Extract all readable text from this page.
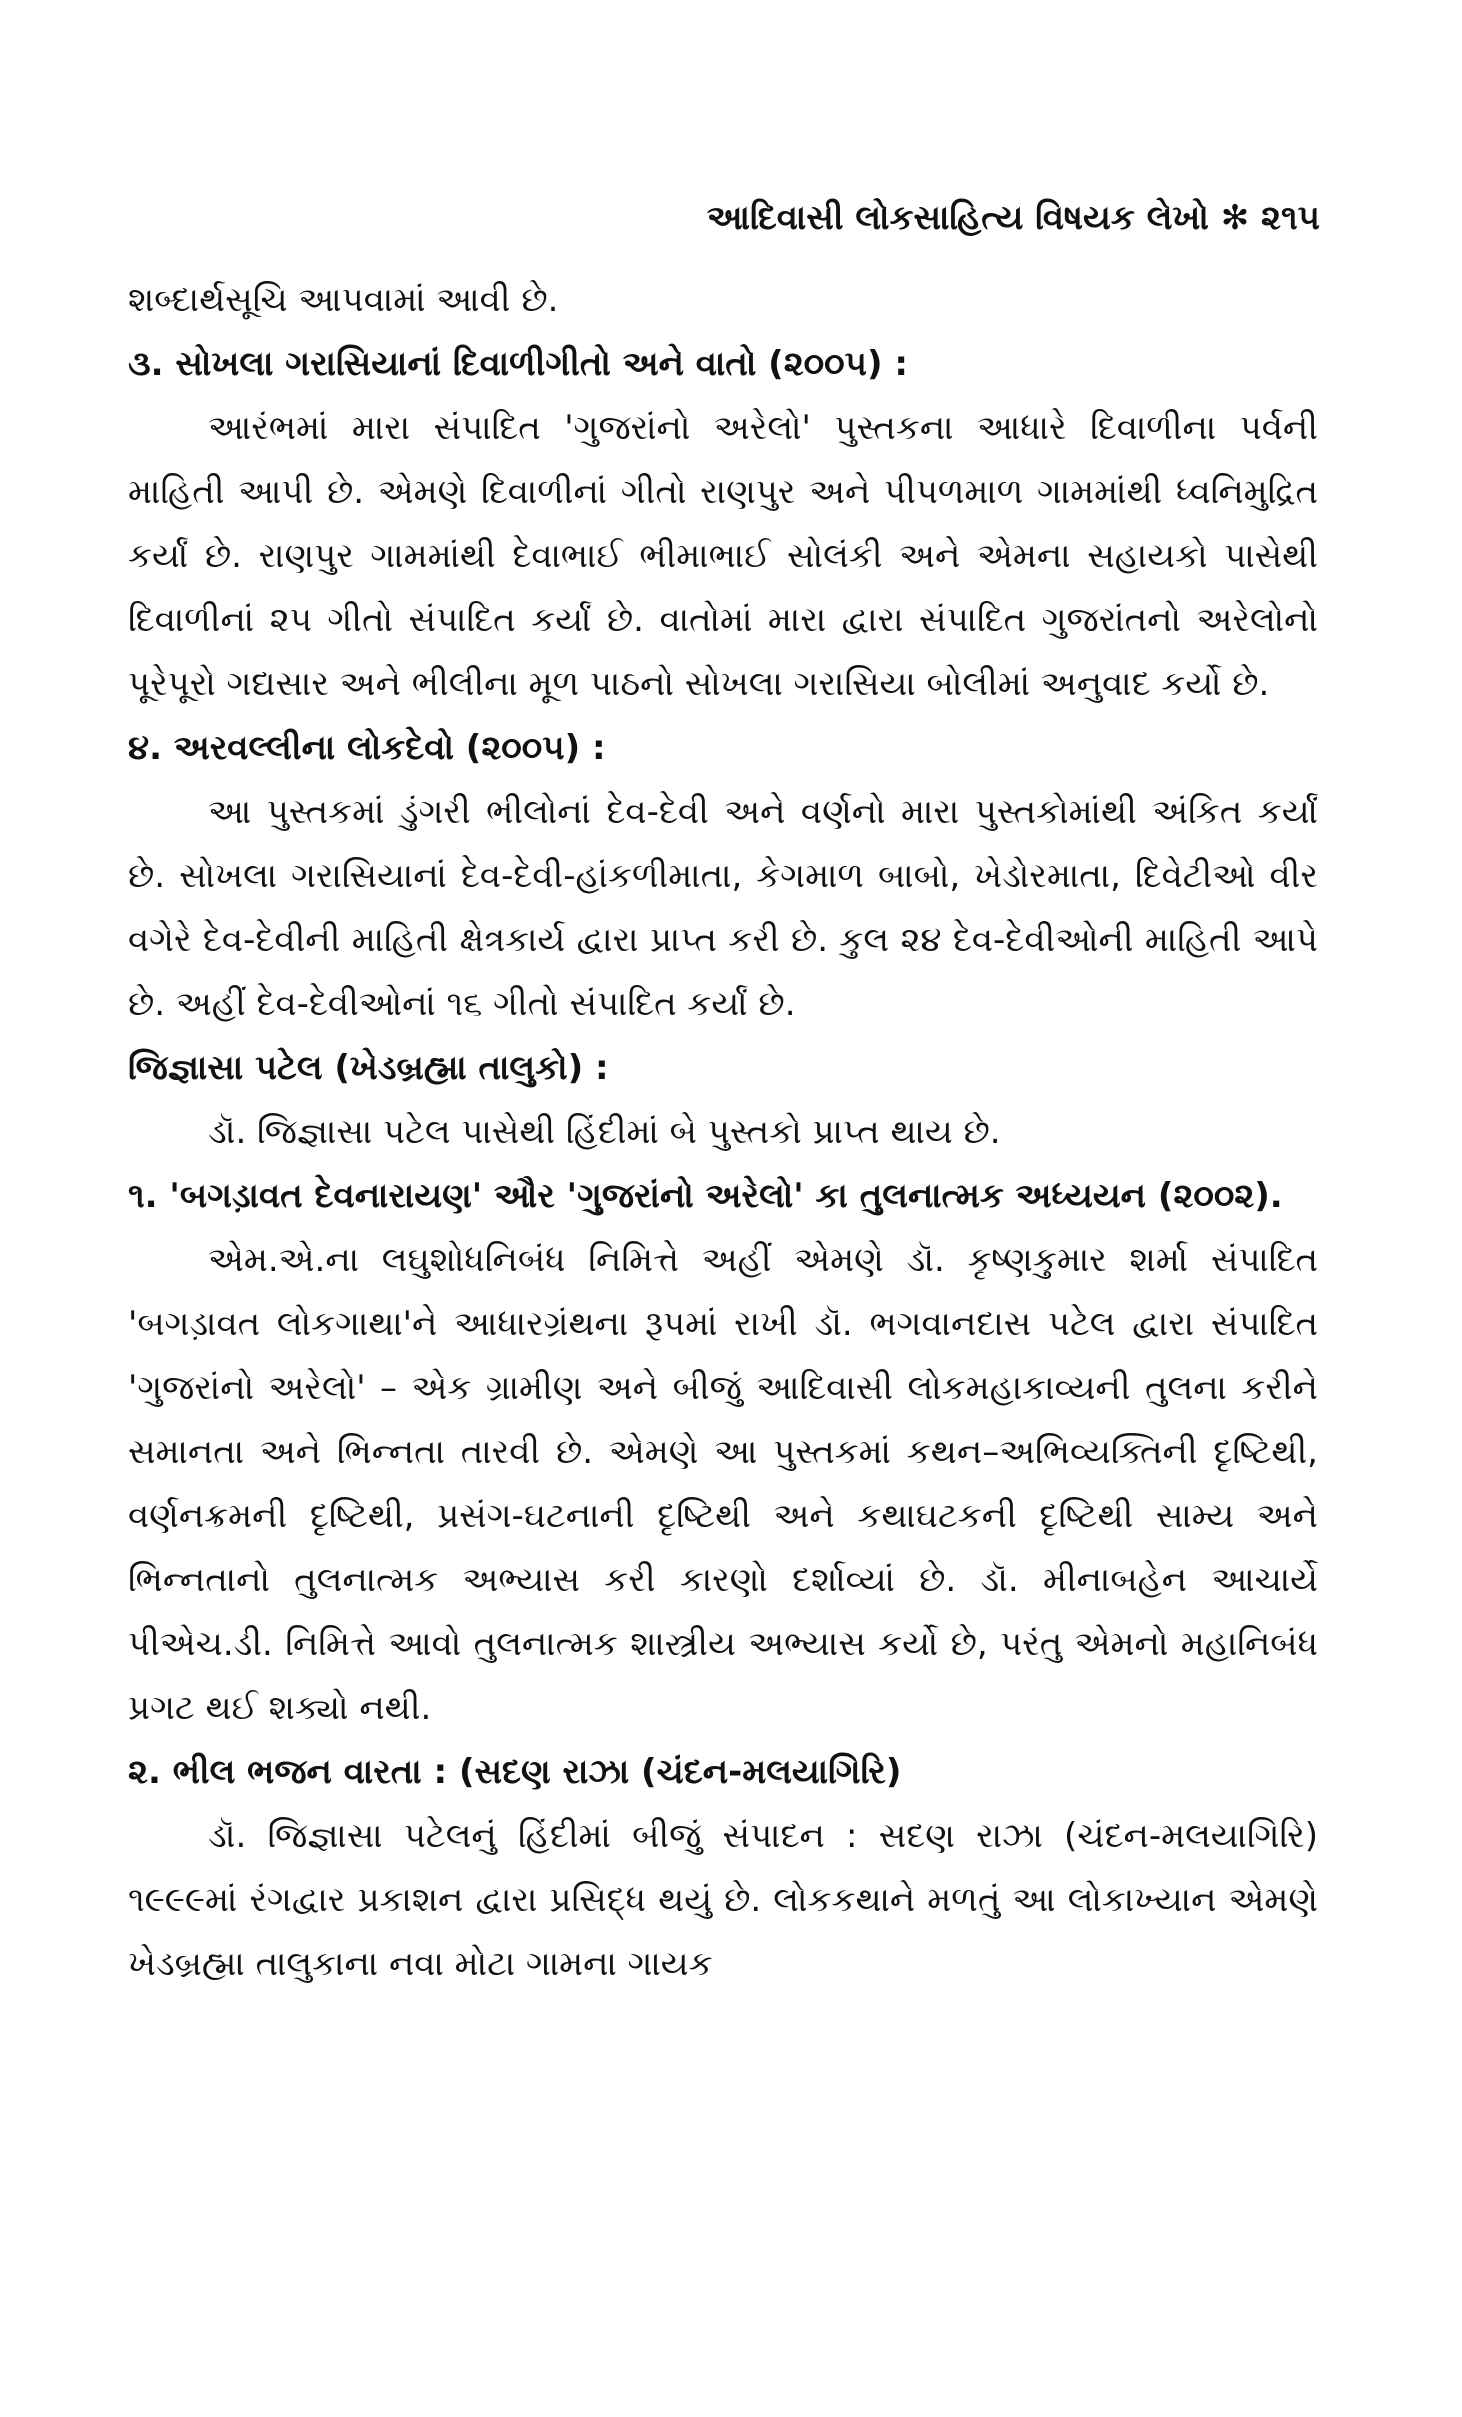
આદિવાસી લોકસાહિત્ય વિષયક લેખો ✻ ૨૧૫

શબ્દાર્થસૂચિ આપવામાં આવી છે.

૩. સોખલા ગરાસિયાનાં દિવાળીગીતો અને વાતો (૨૦૦૫) :

આરંભમાં મારા સંપાદિત 'ગુજરાંનો અરેલો' પુસ્તકના આધારે દિવાળીના પર્વની માહિતી આપી છે. એમણે દિવાળીનાં ગીતો રાણપુર અને પીપળમાળ ગામમાંથી ધ્વનિમુદ્રિત કર્યાં છે. રાણપુર ગામમાંથી દેવાભાઈ ભીમાભાઈ સોલંકી અને એમના સહાયકો પાસેથી દિવાળીનાં ૨૫ ગીતો સંપાદિત કર્યાં છે. વાતોમાં મારા દ્વારા સંપાદિત ગુજરાંતનો અરેલોનો પૂરેપૂરો ગદ્યસાર અને ભીલીના મૂળ પાઠનો સોખલા ગરાસિયા બોલીમાં અનુવાદ કર્યો છે.

૪. અરવલ્લીના લોકદેવો (૨૦૦૫) :

આ પુસ્તકમાં ડુંગરી ભીલોનાં દેવ-દેવી અને વર્ણનો મારા પુસ્તકોમાંથી અંકિત કર્યાં છે. સોખલા ગરાસિયાનાં દેવ-દેવી-હાંકળીમાતા, કેગમાળ બાબો, ખેડોરમાતા, દિવેટીઓ વીર વગેરે દેવ-દેવીની માહિતી ક્ષેત્રકાર્ય દ્વારા પ્રાપ્ત કરી છે. કુલ ૨૪ દેવ-દેવીઓની માહિતી આપે છે. અહીં દેવ-દેવીઓનાં ૧૬ ગીતો સંપાદિત કર્યાં છે.

જિજ્ઞાસા પટેલ (ખેડબ્રહ્મા તાલુકો) :

ડૉ. જિજ્ઞાસા પટેલ પાસેથી હિંદીમાં બે પુસ્તકો પ્રાપ્ત થાય છે.

૧. 'બગડ઼ાવત દેવનારાયણ' ઔર 'ગુજરાંનો અરેલો' કા તુલનાત્મક અધ્યયન (૨૦૦૨).

એમ.એ.ના લઘુશોધનિબંધ નિમિત્તે અહીં એમણે ડૉ. કૃષ્ણકુમાર શર્મા સંપાદિત 'બગડ઼ાવત લોકગાથા'ને આધારગ્રંથના રૂપમાં રાખી ડૉ. ભગવાનદાસ પટેલ દ્વારા સંપાદિત 'ગુજરાંનો અરેલો' – એક ગ્રામીણ અને બીજું આદિવાસી લોકમહાકાવ્યની તુલના કરીને સમાનતા અને ભિન્નતા તારવી છે. એમણે આ પુસ્તકમાં કથન–અભિવ્યક્તિની દૃષ્ટિથી, વર્ણનક્રમની દૃષ્ટિથી, પ્રસંગ-ઘટનાની દૃષ્ટિથી અને કથાઘટકની દૃષ્ટિથી સામ્ય અને ભિન્નતાનો તુલનાત્મક અભ્યાસ કરી કારણો દર્શાવ્યાં છે. ડૉ. મીનાબહેન આચાર્યે પીએચ.ડી. નિમિત્તે આવો તુલનાત્મક શાસ્ત્રીય અભ્યાસ કર્યો છે, પરંતુ એમનો મહાનિબંધ પ્રગટ થઈ શક્યો નથી.

૨. ભીલ ભજન વારતા : (સદણ રાઝા (ચંદન-મલયાગિરિ)

ડૉ. જિજ્ઞાસા પટેલનું હિંદીમાં બીજું સંપાદન : સદણ રાઝા (ચંદન-મલયાગિરિ) ૧૯૯૯માં રંગદ્વાર પ્રકાશન દ્વારા પ્રસિદ્ધ થયું છે. લોકકથાને મળતું આ લોકાખ્યાન એમણે ખેડબ્રહ્મા તાલુકાના નવા મોટા ગામના ગાયક
